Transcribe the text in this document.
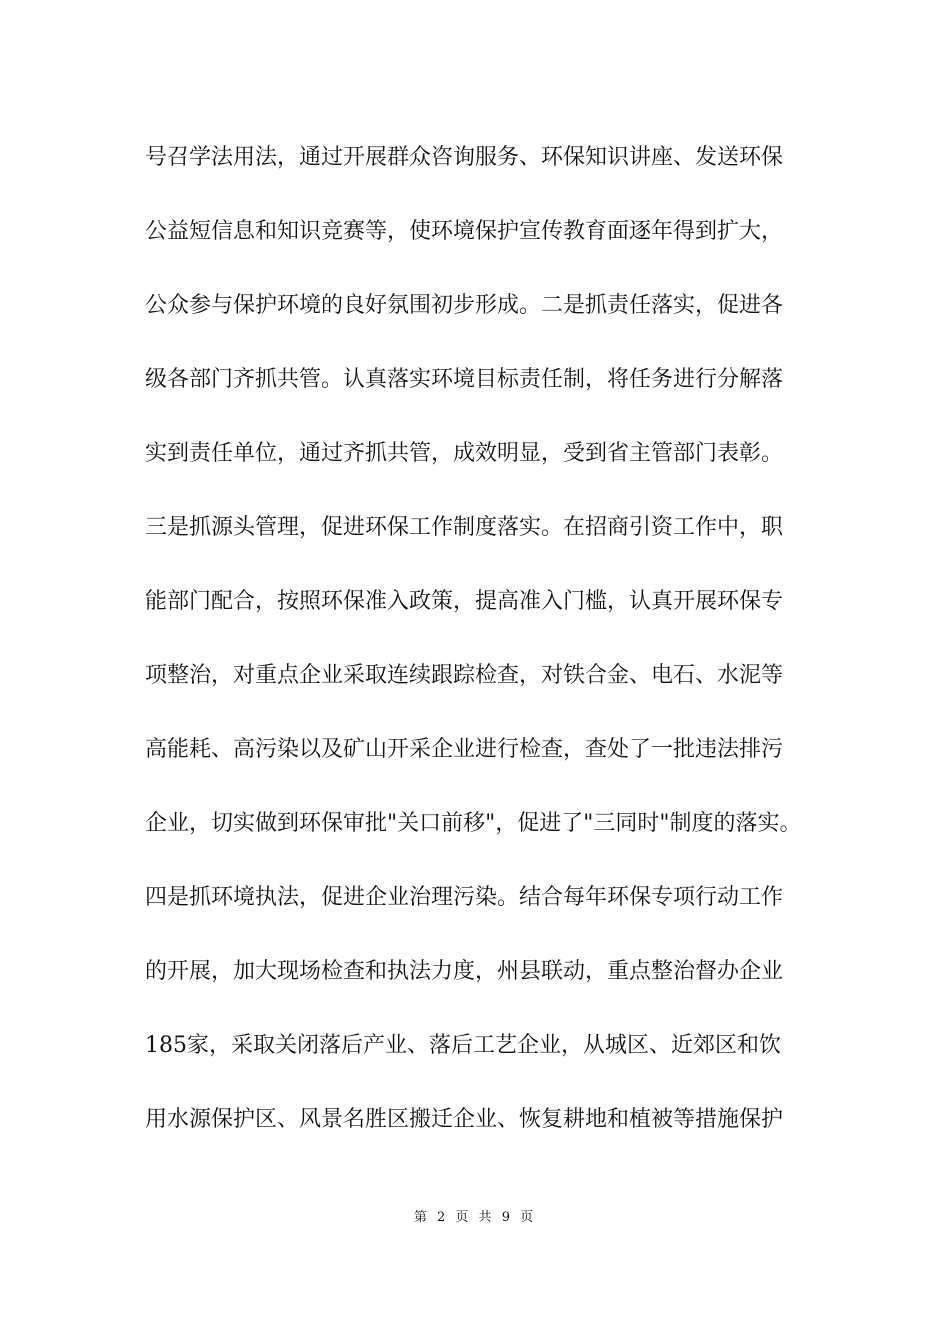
号召学法用法，通过开展群众咨询服务、环保知识讲座、发送环保
公益短信息和知识竞赛等，使环境保护宣传教育面逐年得到扩大，
公众参与保护环境的良好氛围初步形成。二是抓责任落实，促进各
级各部门齐抓共管。认真落实环境目标责任制，将任务进行分解落
实到责任单位，通过齐抓共管，成效明显，受到省主管部门表彰。
三是抓源头管理，促进环保工作制度落实。在招商引资工作中，职
能部门配合，按照环保准入政策，提高准入门槛，认真开展环保专
项整治，对重点企业采取连续跟踪检查，对铁合金、电石、水泥等
高能耗、高污染以及矿山开采企业进行检查，查处了一批违法排污
企业，切实做到环保审批"关口前移"，促进了"三同时"制度的落实。
四是抓环境执法，促进企业治理污染。结合每年环保专项行动工作
的开展，加大现场检查和执法力度，州县联动，重点整治督办企业
185家，采取关闭落后产业、落后工艺企业，从城区、近郊区和饮
用水源保护区、风景名胜区搬迁企业、恢复耕地和植被等措施保护
第 2 页 共 9 页
